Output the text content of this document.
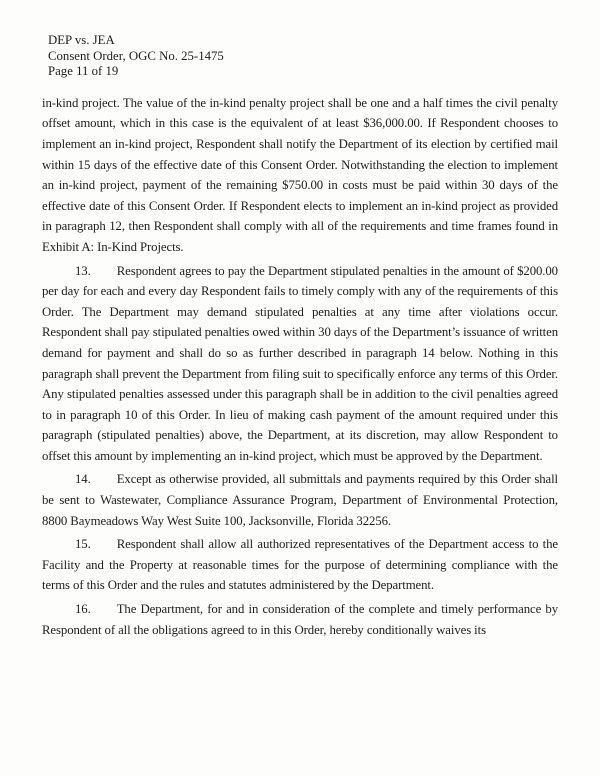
DEP vs. JEA
Consent Order, OGC No. 25-1475
Page 11 of 19

in-kind project. The value of the in-kind penalty project shall be one and a half times the civil penalty offset amount, which in this case is the equivalent of at least $36,000.00. If Respondent chooses to implement an in-kind project, Respondent shall notify the Department of its election by certified mail within 15 days of the effective date of this Consent Order. Notwithstanding the election to implement an in-kind project, payment of the remaining $750.00 in costs must be paid within 30 days of the effective date of this Consent Order. If Respondent elects to implement an in-kind project as provided in paragraph 12, then Respondent shall comply with all of the requirements and time frames found in Exhibit A: In-Kind Projects.

13. Respondent agrees to pay the Department stipulated penalties in the amount of $200.00 per day for each and every day Respondent fails to timely comply with any of the requirements of this Order. The Department may demand stipulated penalties at any time after violations occur. Respondent shall pay stipulated penalties owed within 30 days of the Department’s issuance of written demand for payment and shall do so as further described in paragraph 14 below. Nothing in this paragraph shall prevent the Department from filing suit to specifically enforce any terms of this Order. Any stipulated penalties assessed under this paragraph shall be in addition to the civil penalties agreed to in paragraph 10 of this Order. In lieu of making cash payment of the amount required under this paragraph (stipulated penalties) above, the Department, at its discretion, may allow Respondent to offset this amount by implementing an in-kind project, which must be approved by the Department.

14. Except as otherwise provided, all submittals and payments required by this Order shall be sent to Wastewater, Compliance Assurance Program, Department of Environmental Protection, 8800 Baymeadows Way West Suite 100, Jacksonville, Florida 32256.

15. Respondent shall allow all authorized representatives of the Department access to the Facility and the Property at reasonable times for the purpose of determining compliance with the terms of this Order and the rules and statutes administered by the Department.

16. The Department, for and in consideration of the complete and timely performance by Respondent of all the obligations agreed to in this Order, hereby conditionally waives its
